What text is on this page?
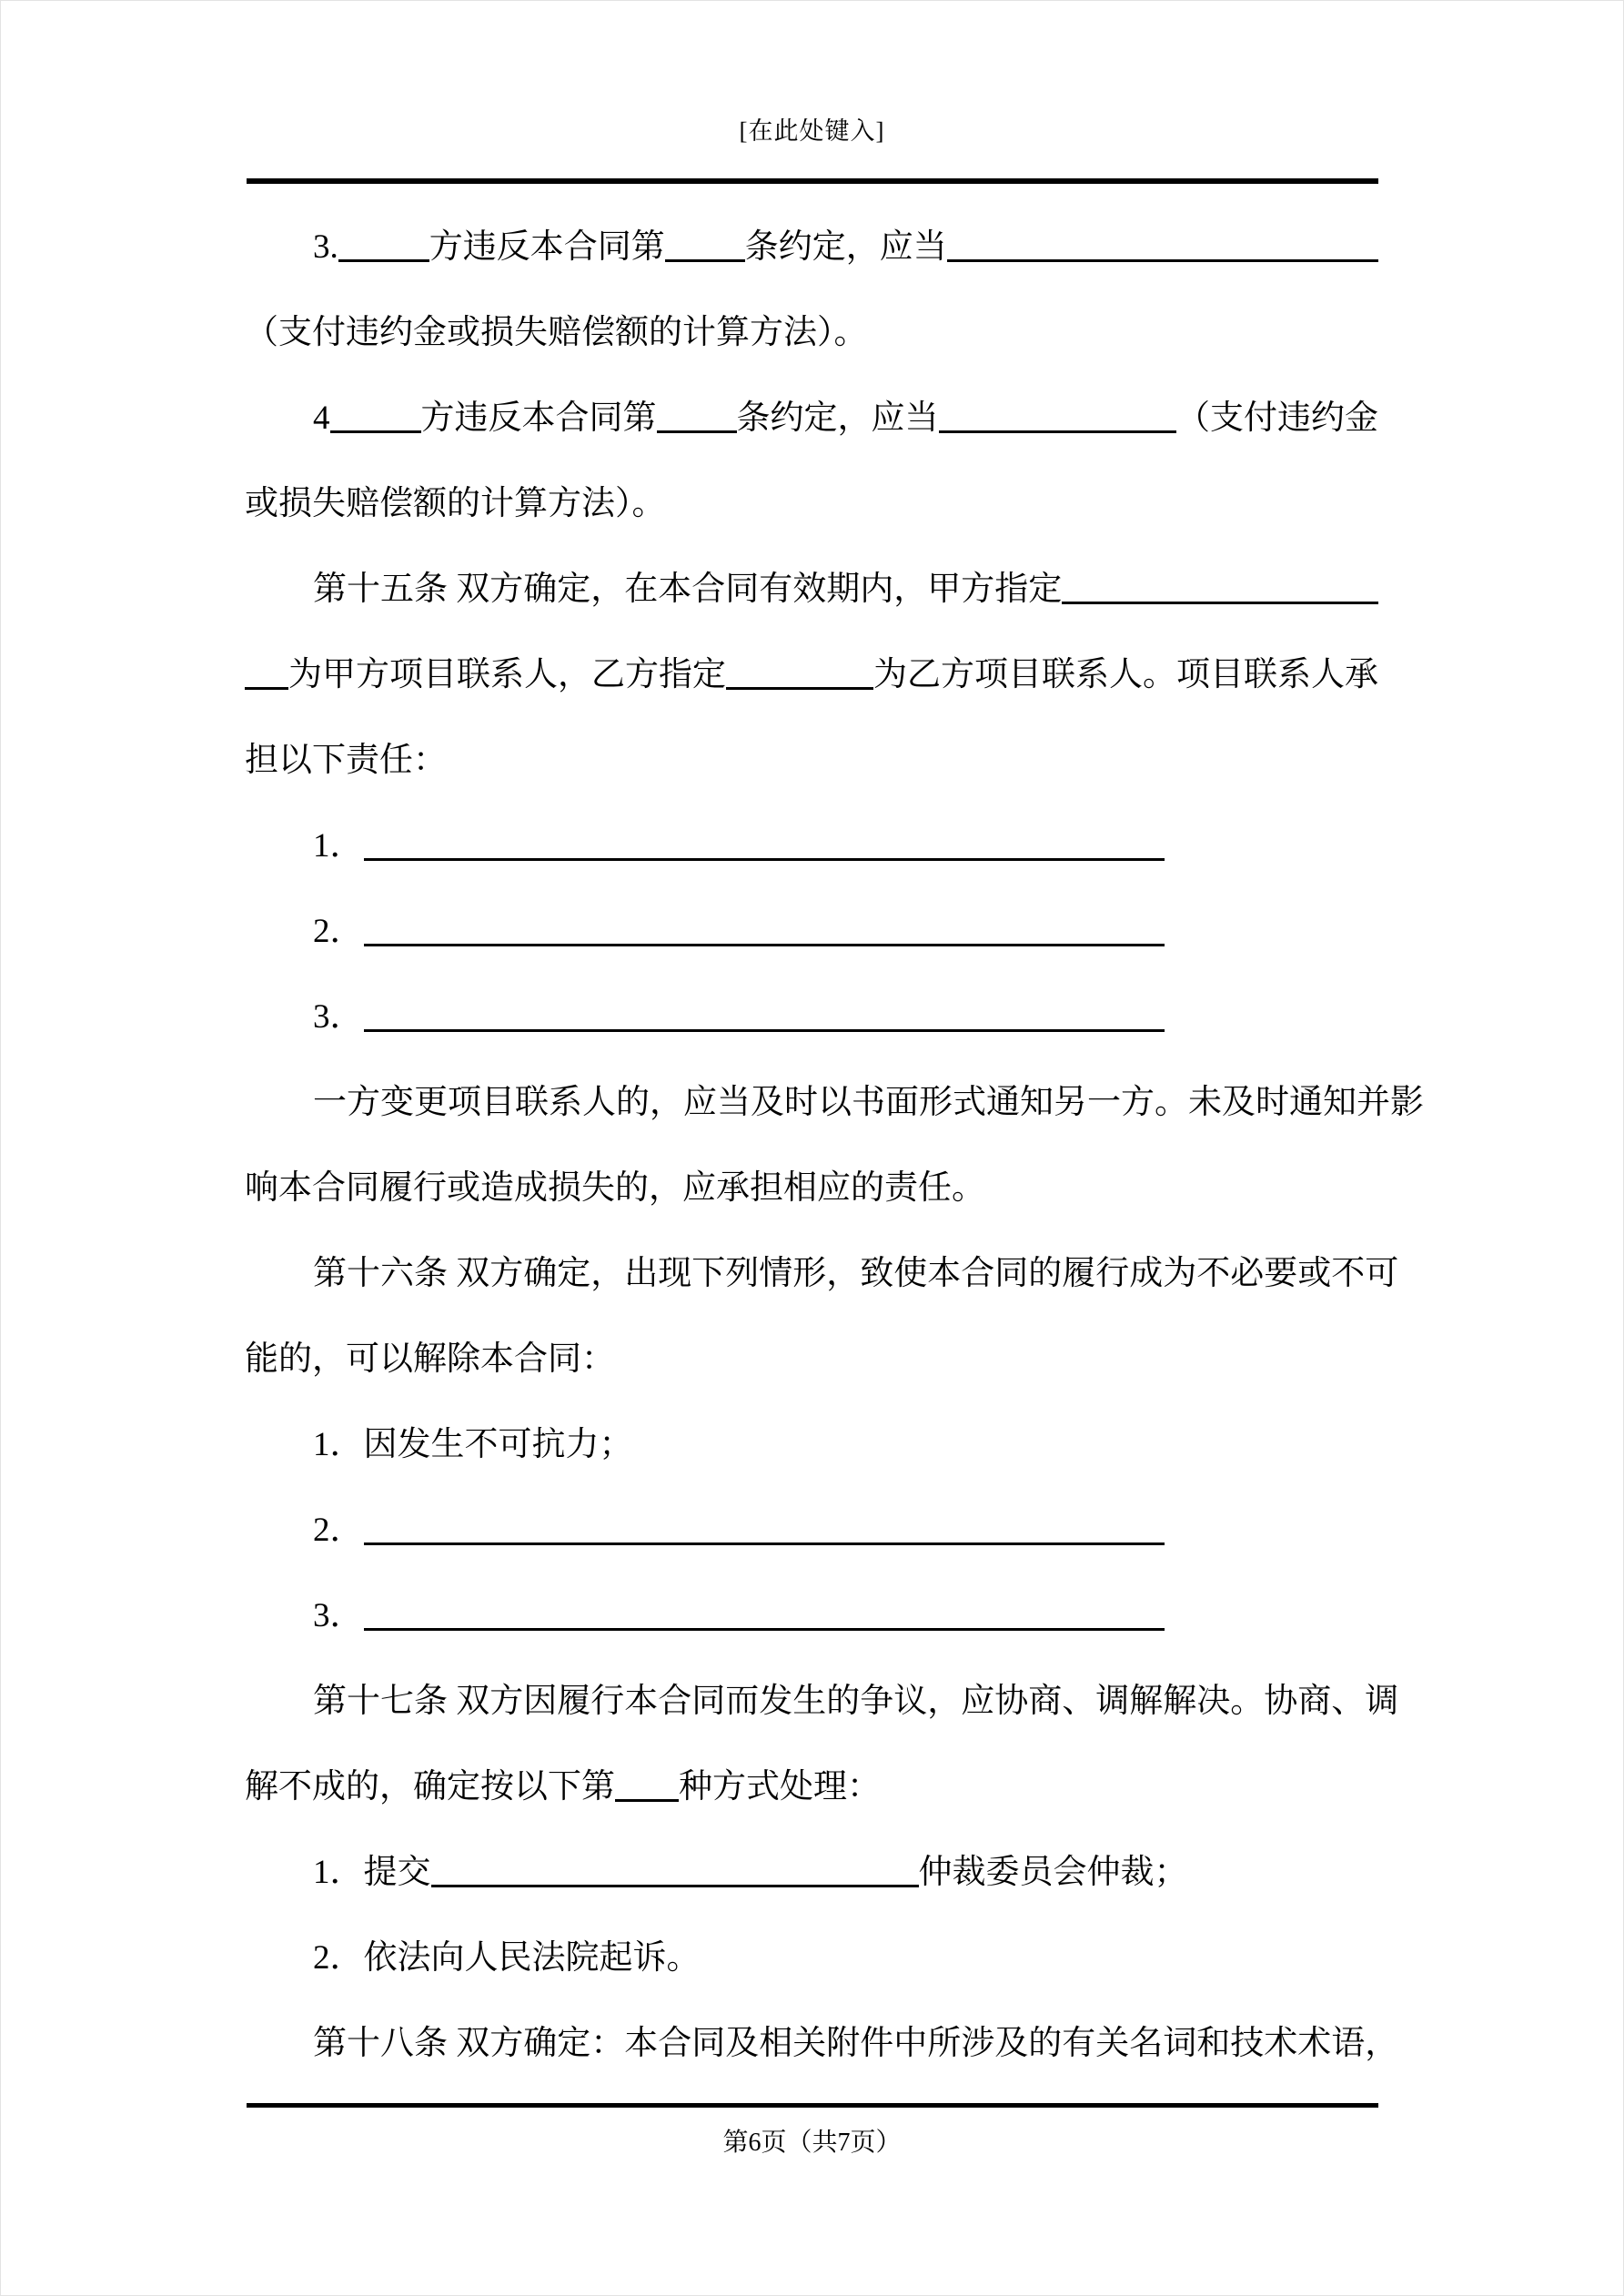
[在此处键入]
3.	方违反本合同第 条约定，应当
（支付违约金或损失赔偿额的计算方法）。
4	方违反本合同第 条约定，应当	（支付违约金
或损失赔偿额的计算方法）。
第十五条 双方确定，在本合同有效期内，甲方指定
为甲方项目联系人，乙方指定	为乙方项目联系人。项目联系人承
担以下责任：
1．
2．
3．
一方变更项目联系人的，应当及时以书面形式通知另一方。未及时通知并影
响本合同履行或造成损失的，应承担相应的责任。
第十六条 双方确定，出现下列情形，致使本合同的履行成为不必要或不可
能的，可以解除本合同：
1．因发生不可抗力；
2．
3．
第十七条 双方因履行本合同而发生的争议，应协商、调解解决。协商、调
解不成的，确定按以下第 种方式处理：
1．提交	仲裁委员会仲裁；
2．依法向人民法院起诉。
第十八条 双方确定：本合同及相关附件中所涉及的有关名词和技术术语，
第6页（共7页）
